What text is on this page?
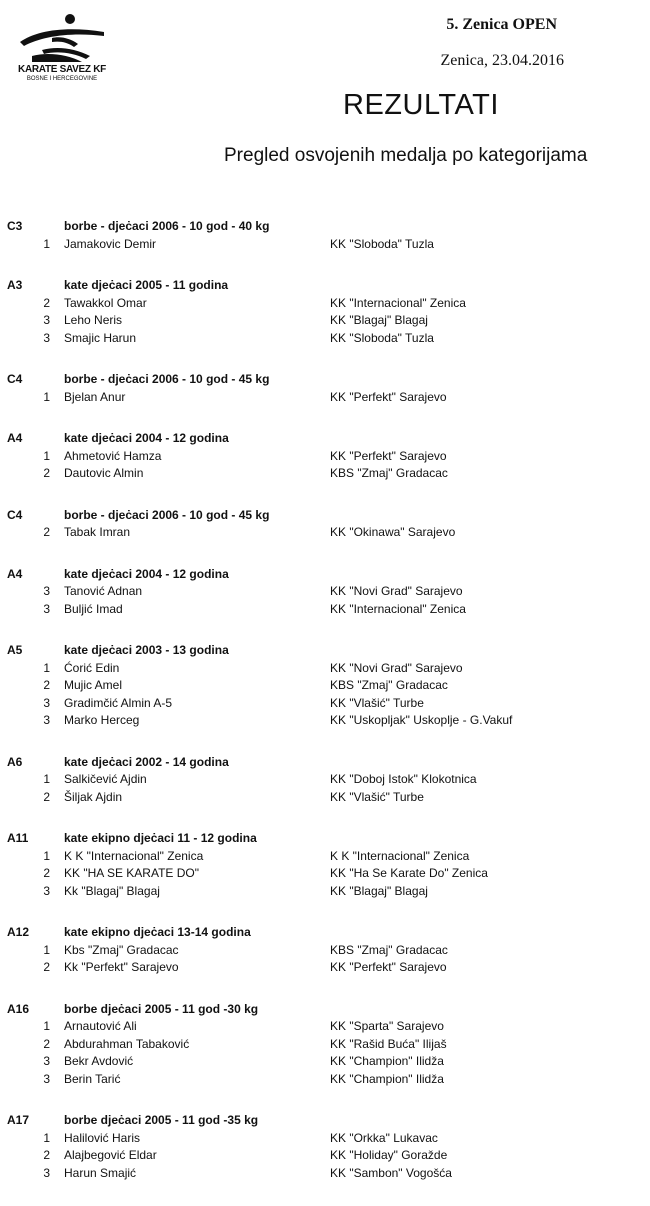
KARATE SAVEZ KF
BOSNE I HERCEGOVINE
5. Zenica OPEN
Zenica, 23.04.2016
REZULTATI
Pregled osvojenih medalja po kategorijama
C3	borbe - djeċaci 2006 - 10 god - 40 kg
1 Jamakovic Demir	KK "Sloboda" Tuzla
A3	kate djeċaci 2005 - 11 godina
2 Tawakkol Omar	KK "Internacional" Zenica
3 Leho Neris	KK "Blagaj" Blagaj
3 Smajic Harun	KK "Sloboda" Tuzla
C4	borbe - djeċaci 2006 - 10 god - 45 kg
1 Bjelan Anur	KK "Perfekt" Sarajevo
A4	kate djeċaci 2004 - 12 godina
1 Ahmetović Hamza	KK "Perfekt" Sarajevo
2 Dautovic Almin	KBS "Zmaj" Gradacac
C4	borbe - djeċaci 2006 - 10 god - 45 kg
2 Tabak Imran	KK "Okinawa" Sarajevo
A4	kate djeċaci 2004 - 12 godina
3 Tanović Adnan	KK "Novi Grad" Sarajevo
3 Buljić Imad	KK "Internacional" Zenica
A5	kate djeċaci 2003 - 13 godina
1 Ćorić Edin	KK "Novi Grad" Sarajevo
2 Mujic Amel	KBS "Zmaj" Gradacac
3 Gradimčić Almin A-5	KK "Vlašić" Turbe
3 Marko Herceg	KK "Uskopljak" Uskoplje - G.Vakuf
A6	kate djeċaci 2002 - 14 godina
1 Salkičević Ajdin	KK "Doboj Istok" Klokotnica
2 Šiljak Ajdin	KK "Vlašić" Turbe
A11	kate ekipno djeċaci 11 - 12 godina
1 K K "Internacional" Zenica	K K "Internacional" Zenica
2 KK "HA SE KARATE DO"	KK "Ha Se Karate Do" Zenica
3 Kk "Blagaj" Blagaj	KK "Blagaj" Blagaj
A12	kate ekipno djeċaci 13-14 godina
1 Kbs "Zmaj" Gradacac	KBS "Zmaj" Gradacac
2 Kk "Perfekt" Sarajevo	KK "Perfekt" Sarajevo
A16	borbe djeċaci 2005 - 11 god -30 kg
1 Arnautović Ali	KK "Sparta" Sarajevo
2 Abdurahman Tabaković	KK "Rašid Buća" Ilijaš
3 Bekr Avdović	KK "Champion" Ilidža
3 Berin Tarić	KK "Champion" Ilidža
A17	borbe djeċaci 2005 - 11 god -35 kg
1 Halilović Haris	KK "Orkka" Lukavac
2 Alajbegović Eldar	KK "Holiday" Goražde
3 Harun Smajić	KK "Sambon" Vogošća
